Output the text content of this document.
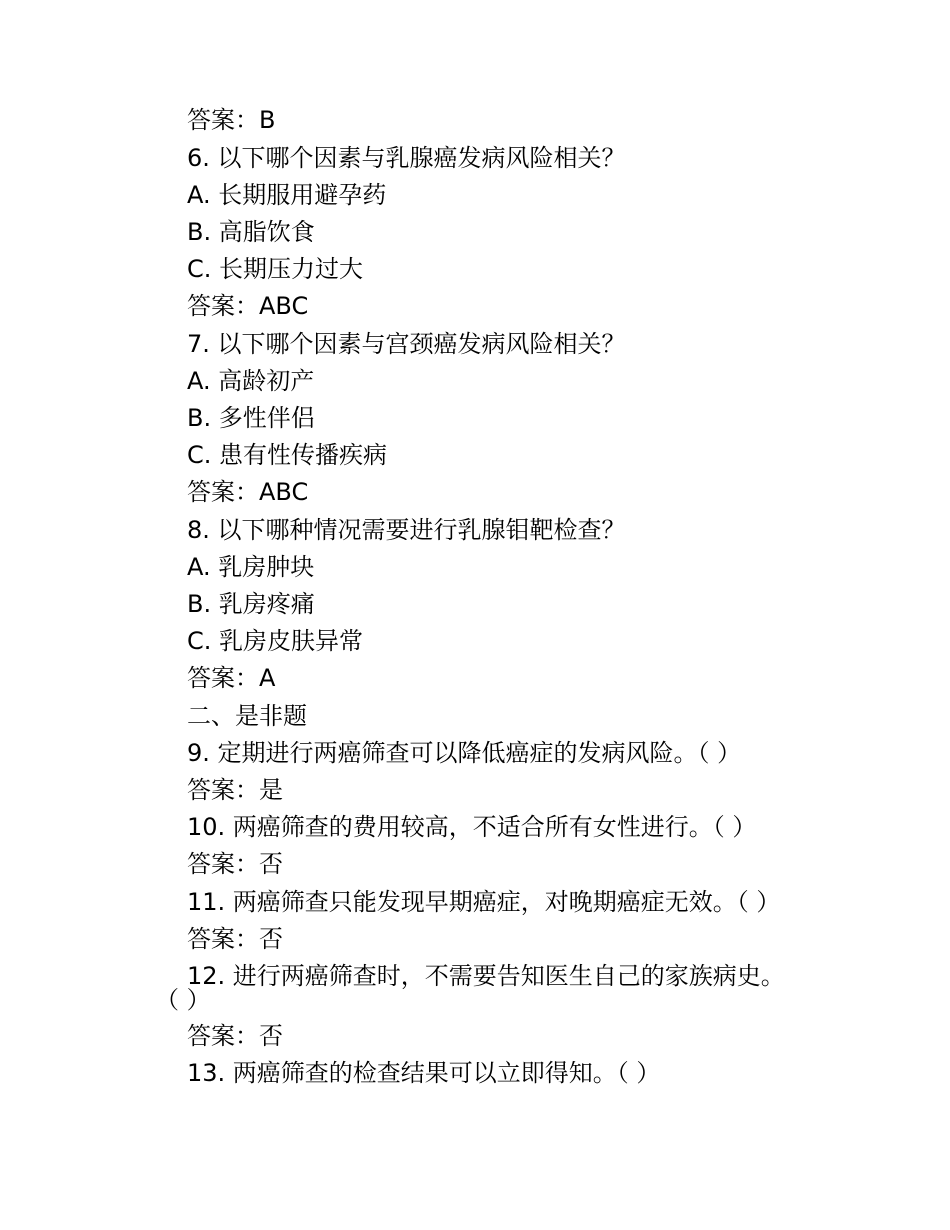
答案：B
6. 以下哪个因素与乳腺癌发病风险相关？
A. 长期服用避孕药
B. 高脂饮食
C. 长期压力过大
答案：ABC
7. 以下哪个因素与宫颈癌发病风险相关？
A. 高龄初产
B. 多性伴侣
C. 患有性传播疾病
答案：ABC
8. 以下哪种情况需要进行乳腺钼靶检查？
A. 乳房肿块
B. 乳房疼痛
C. 乳房皮肤异常
答案：A
二、是非题
9. 定期进行两癌筛查可以降低癌症的发病风险。（ ）
答案：是
10. 两癌筛查的费用较高，不适合所有女性进行。（ ）
答案：否
11. 两癌筛查只能发现早期癌症，对晚期癌症无效。（ ）
答案：否
12. 进行两癌筛查时，不需要告知医生自己的家族病史。
（ ）
答案：否
13. 两癌筛查的检查结果可以立即得知。（ ）
